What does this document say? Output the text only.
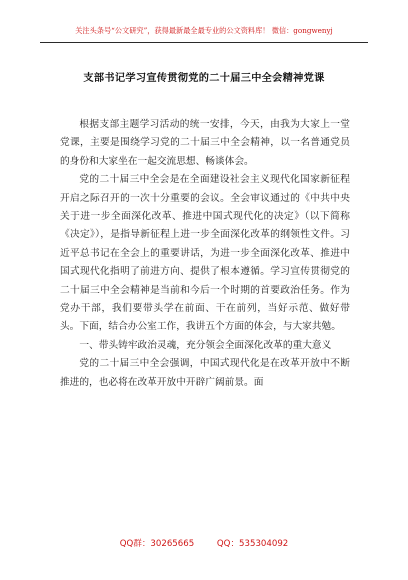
关注头条号“公文研究”，获得最新最全最专业的公文资料库！ 微信：gongwenyj
支部书记学习宣传贯彻党的二十届三中全会精神党课

根据支部主题学习活动的统一安排，今天，由我为大家上一堂党课，主要是围绕学习党的二十届三中全会精神，以一名普通党员的身份和大家坐在一起交流思想、畅谈体会。

党的二十届三中全会是在全面建设社会主义现代化国家新征程开启之际召开的一次十分重要的会议。全会审议通过的《中共中央关于进一步全面深化改革、推进中国式现代化的决定》（以下简称《决定》），是指导新征程上进一步全面深化改革的纲领性文件。习近平总书记在全会上的重要讲话，为进一步全面深化改革、推进中国式现代化指明了前进方向、提供了根本遵循。学习宣传贯彻党的二十届三中全会精神是当前和今后一个时期的首要政治任务。作为党办干部，我们要带头学在前面、干在前列，当好示范、做好带头。下面，结合办公室工作，我讲五个方面的体会，与大家共勉。

一、带头铸牢政治灵魂，充分领会全面深化改革的重大意义

党的二十届三中全会强调，中国式现代化是在改革开放中不断推进的，也必将在改革开放中开辟广阔前景。面

QQ群：30265665	QQ：535304092
